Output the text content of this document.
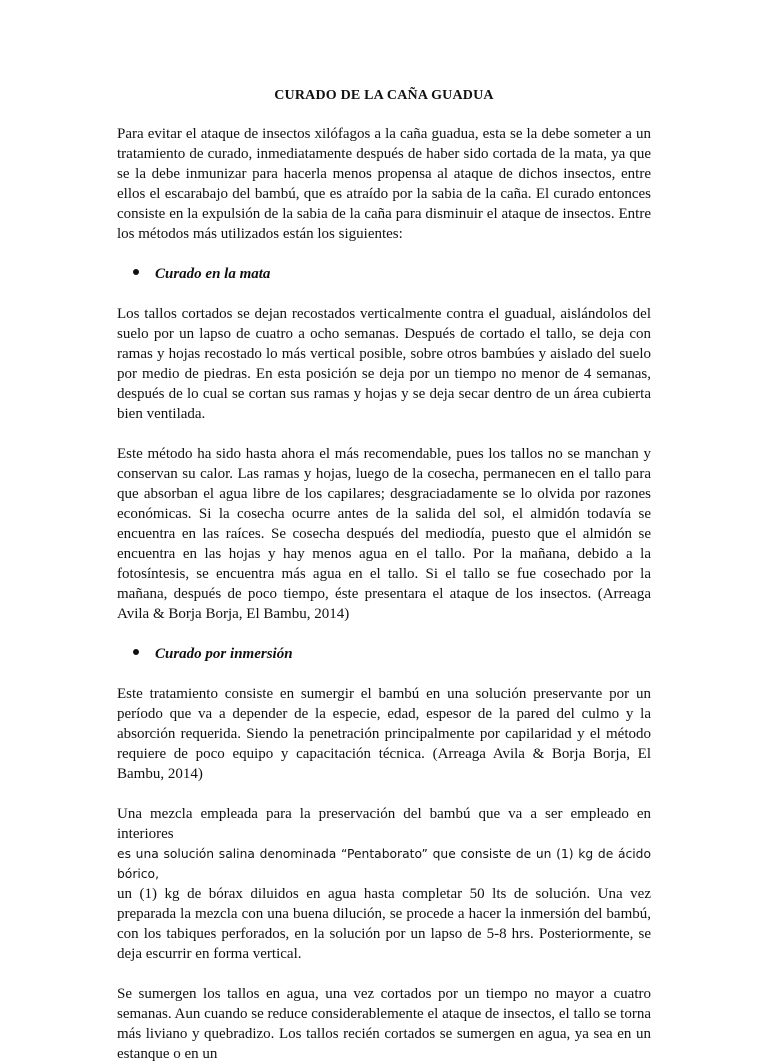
CURADO DE LA CAÑA GUADUA

Para evitar el ataque de insectos xilófagos a la caña guadua, esta se la debe someter a un tratamiento de curado, inmediatamente después de haber sido cortada de la mata, ya que se la debe inmunizar para hacerla menos propensa al ataque de dichos insectos, entre ellos el escarabajo del bambú, que es atraído por la sabia de la caña. El curado entonces consiste en la expulsión de la sabia de la caña para disminuir el ataque de insectos. Entre los métodos más utilizados están los siguientes:

Curado en la mata

Los tallos cortados se dejan recostados verticalmente contra el guadual, aislándolos del suelo por un lapso de cuatro a ocho semanas. Después de cortado el tallo, se deja con ramas y hojas recostado lo más vertical posible, sobre otros bambúes y aislado del suelo por medio de piedras. En esta posición se deja por un tiempo no menor de 4 semanas, después de lo cual se cortan sus ramas y hojas y se deja secar dentro de un área cubierta bien ventilada.

Este método ha sido hasta ahora el más recomendable, pues los tallos no se manchan y conservan su calor. Las ramas y hojas, luego de la cosecha, permanecen en el tallo para que absorban el agua libre de los capilares; desgraciadamente se lo olvida por razones económicas. Si la cosecha ocurre antes de la salida del sol, el almidón todavía se encuentra en las raíces. Se cosecha después del mediodía, puesto que el almidón se encuentra en las hojas y hay menos agua en el tallo. Por la mañana, debido a la fotosíntesis, se encuentra más agua en el tallo. Si el tallo se fue cosechado por la mañana, después de poco tiempo, éste presentara el ataque de los insectos. (Arreaga Avila & Borja Borja, El Bambu, 2014)

Curado por inmersión

Este tratamiento consiste en sumergir el bambú en una solución preservante por un período que va a depender de la especie, edad, espesor de la pared del culmo y la absorción requerida. Siendo la penetración principalmente por capilaridad y el método requiere de poco equipo y capacitación técnica. (Arreaga Avila & Borja Borja, El Bambu, 2014)

Una mezcla empleada para la preservación del bambú que va a ser empleado en interiores

es una solución salina denominada “Pentaborato” que consiste de un (1) kg de ácido bórico,

un (1) kg de bórax diluidos en agua hasta completar 50 lts de solución. Una vez preparada la mezcla con una buena dilución, se procede a hacer la inmersión del bambú, con los tabiques perforados, en la solución por un lapso de 5-8 hrs. Posteriormente, se deja escurrir en forma vertical.

Se sumergen los tallos en agua, una vez cortados por un tiempo no mayor a cuatro semanas. Aun cuando se reduce considerablemente el ataque de insectos, el tallo se torna más liviano y quebradizo. Los tallos recién cortados se sumergen en agua, ya sea en un estanque o en un
